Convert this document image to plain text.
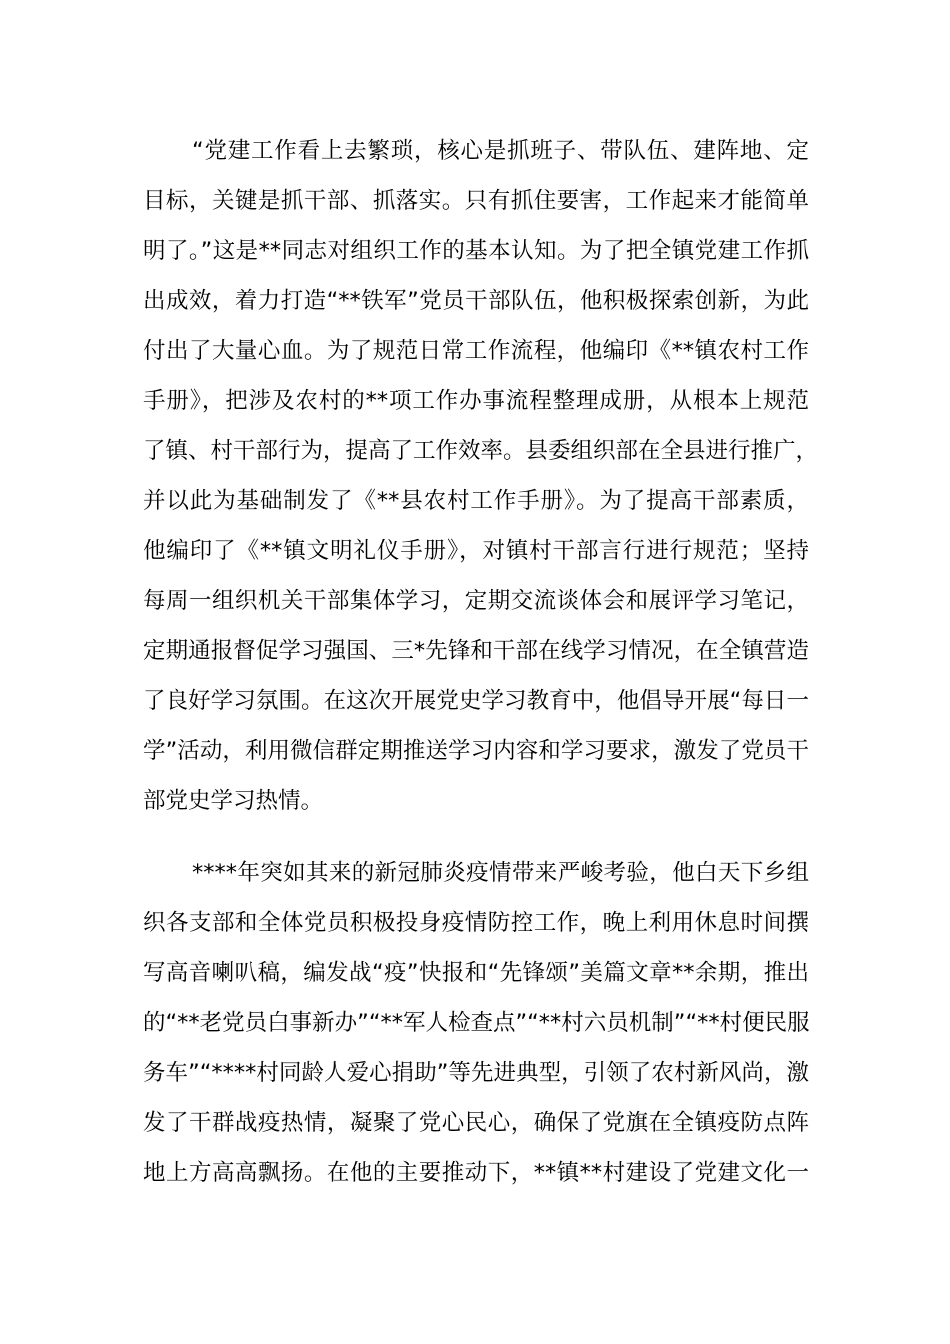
“党建工作看上去繁琐，核心是抓班子、带队伍、建阵地、定
目标，关键是抓干部、抓落实。只有抓住要害，工作起来才能简单
明了。”这是**同志对组织工作的基本认知。为了把全镇党建工作抓
出成效，着力打造“**铁军”党员干部队伍，他积极探索创新，为此
付出了大量心血。为了规范日常工作流程，他编印《**镇农村工作
手册》，把涉及农村的**项工作办事流程整理成册，从根本上规范
了镇、村干部行为，提高了工作效率。县委组织部在全县进行推广，
并以此为基础制发了《**县农村工作手册》。为了提高干部素质，
他编印了《**镇文明礼仪手册》，对镇村干部言行进行规范；坚持
每周一组织机关干部集体学习，定期交流谈体会和展评学习笔记，
定期通报督促学习强国、三*先锋和干部在线学习情况，在全镇营造
了良好学习氛围。在这次开展党史学习教育中，他倡导开展“每日一
学”活动，利用微信群定期推送学习内容和学习要求，激发了党员干
部党史学习热情。
****年突如其来的新冠肺炎疫情带来严峻考验，他白天下乡组
织各支部和全体党员积极投身疫情防控工作，晚上利用休息时间撰
写高音喇叭稿，编发战“疫”快报和“先锋颂”美篇文章**余期，推出
的“**老党员白事新办”“**军人检查点”“**村六员机制”“**村便民服
务车”“****村同龄人爱心捐助”等先进典型，引领了农村新风尚，激
发了干群战疫热情，凝聚了党心民心，确保了党旗在全镇疫防点阵
地上方高高飘扬。在他的主要推动下，**镇**村建设了党建文化一
